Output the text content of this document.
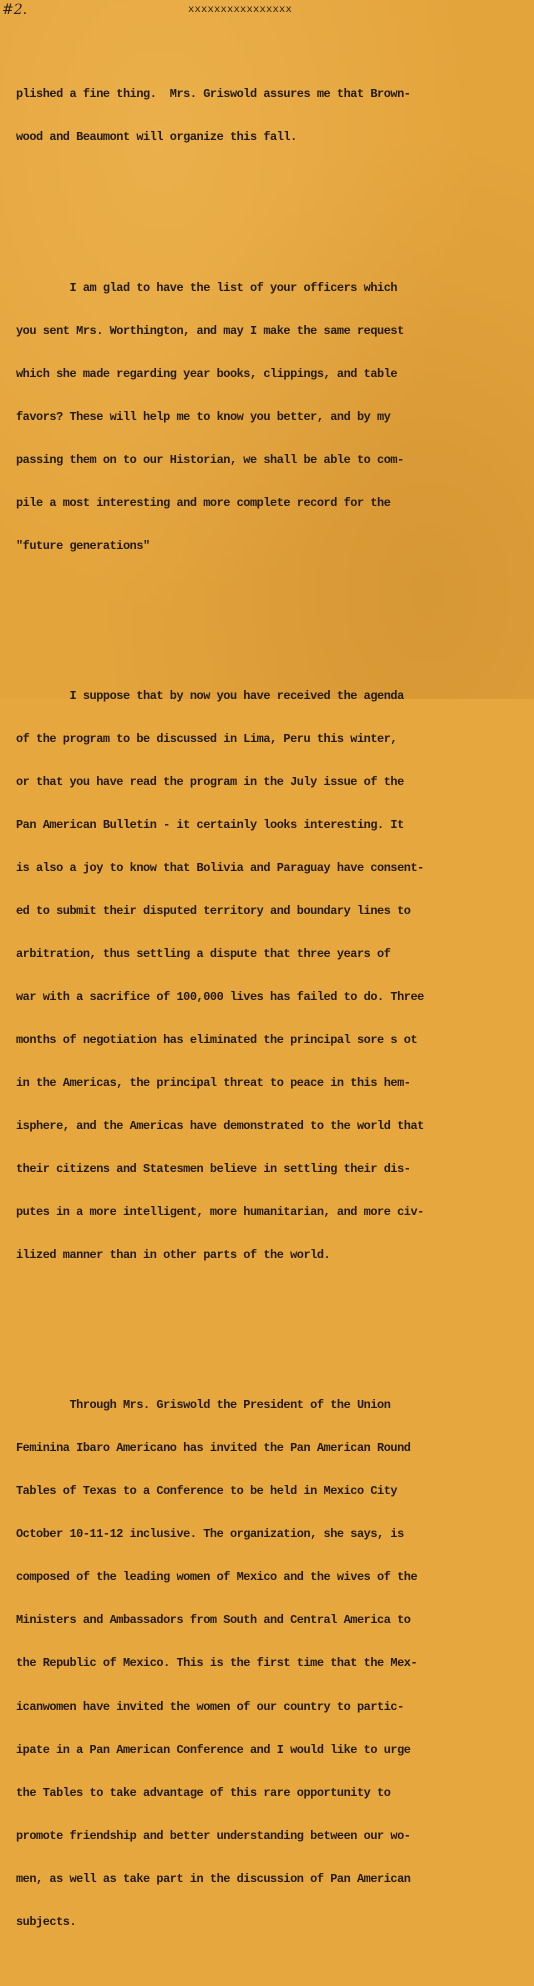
#2.	xxxxxxxxxxxxxxxx

plished a fine thing.  Mrs. Griswold assures me that Brown-

wood and Beaumont will organize this fall.

I am glad to have the list of your officers which

you sent Mrs. Worthington, and may I make the same request

which she made regarding year books, clippings, and table

favors? These will help me to know you better, and by my

passing them on to our Historian, we shall be able to com-

pile a most interesting and more complete record for the

"future generations"

I suppose that by now you have received the agenda

of the program to be discussed in Lima, Peru this winter,

or that you have read the program in the July issue of the

Pan American Bulletin - it certainly looks interesting. It

is also a joy to know that Bolivia and Paraguay have consent-

ed to submit their disputed territory and boundary lines to

arbitration, thus settling a dispute that three years of

war with a sacrifice of 100,000 lives has failed to do. Three

months of negotiation has eliminated the principal sore s ot

in the Americas, the principal threat to peace in this hem-

isphere, and the Americas have demonstrated to the world that

their citizens and Statesmen believe in settling their dis-

putes in a more intelligent, more humanitarian, and more civ-

ilized manner than in other parts of the world.

Through Mrs. Griswold the President of the Union

Feminina Ibaro Americano has invited the Pan American Round

Tables of Texas to a Conference to be held in Mexico City

October 10-11-12 inclusive. The organization, she says, is

composed of the leading women of Mexico and the wives of the

Ministers and Ambassadors from South and Central America to

the Republic of Mexico. This is the first time that the Mex-

icanwomen have invited the women of our country to partic-

ipate in a Pan American Conference and I would like to urge

the Tables to take advantage of this rare opportunity to

promote friendship and better understanding between our wo-

men, as well as take part in the discussion of Pan American

subjects.
